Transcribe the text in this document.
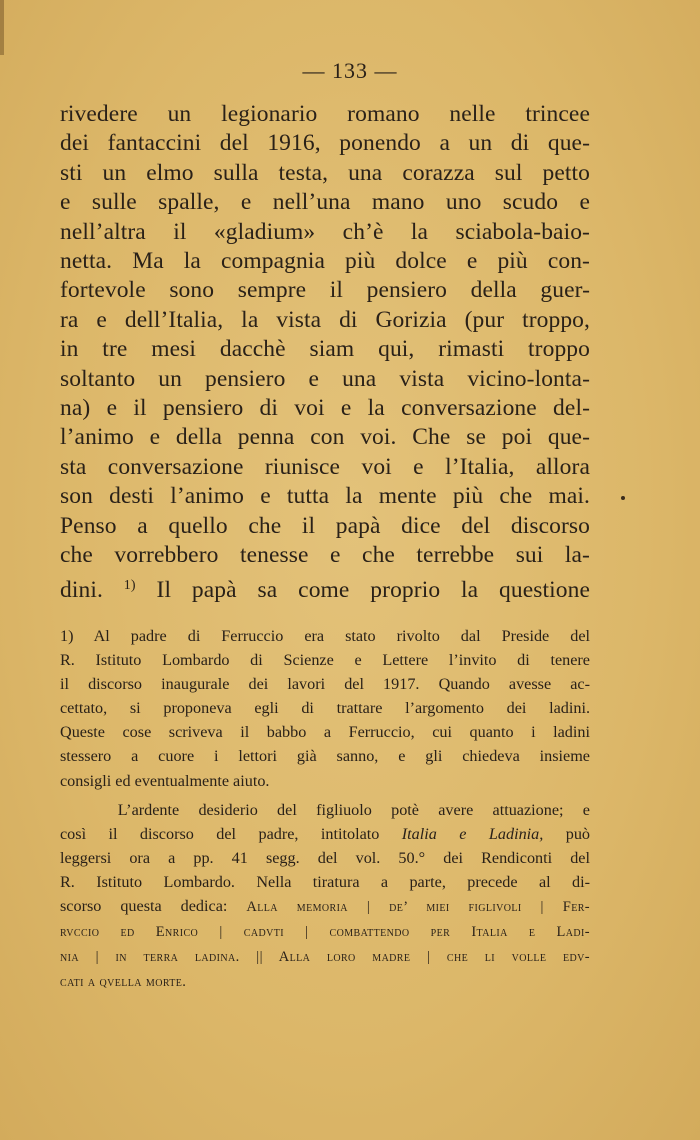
— 133 —
rivedere un legionario romano nelle trincee
dei fantaccini del 1916, ponendo a un di que-
sti un elmo sulla testa, una corazza sul petto
e sulle spalle, e nell’una mano uno scudo e
nell’altra il «gladium» ch’è la sciabola-baio-
netta. Ma la compagnia più dolce e più con-
fortevole sono sempre il pensiero della guer-
ra e dell’Italia, la vista di Gorizia (pur troppo,
in tre mesi dacchè siam qui, rimasti troppo
soltanto un pensiero e una vista vicino-lonta-
na) e il pensiero di voi e la conversazione del-
l’animo e della penna con voi. Che se poi que-
sta conversazione riunisce voi e l’Italia, allora
son desti l’animo e tutta la mente più che mai.
Penso a quello che il papà dice del discorso
che vorrebbero tenesse e che terrebbe sui la-
dini. $^{1)}$ Il papà sa come proprio la questione
1) Al padre di Ferruccio era stato rivolto dal Preside del
R. Istituto Lombardo di Scienze e Lettere l’invito di tenere
il discorso inaugurale dei lavori del 1917. Quando avesse ac-
cettato, si proponeva egli di trattare l’argomento dei ladini.
Queste cose scriveva il babbo a Ferruccio, cui quanto i ladini
stessero a cuore i lettori già sanno, e gli chiedeva insieme
consigli ed eventualmente aiuto.
L’ardente desiderio del figliuolo potè avere attuazione; e
così il discorso del padre, intitolato Italia e Ladinia, può
leggersi ora a pp. 41 segg. del vol. 50.° dei Rendiconti del
R. Istituto Lombardo. Nella tiratura a parte, precede al di-
scorso questa dedica: Alla memoria | de’ miei figlivoli | Fer-
rvccio ed Enrico | cadvti | combattendo per Italia e Ladi-
nia | in terra ladina. || Alla loro madre | che li volle edv-
cati a qvella morte.
